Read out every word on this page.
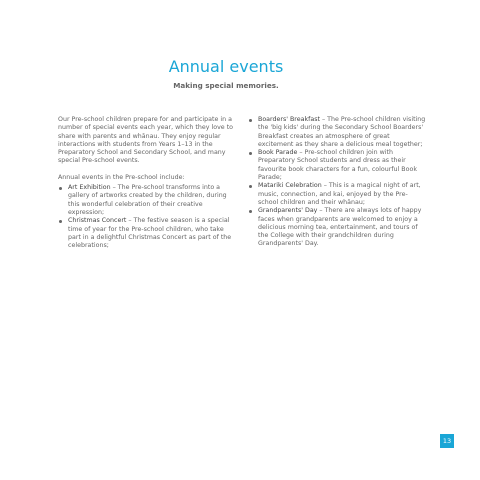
Annual events
Making special memories.

Our Pre-school children prepare for and participate in a number of special events each year, which they love to share with parents and whānau. They enjoy regular interactions with students from Years 1–13 in the Preparatory School and Secondary School, and many special Pre-school events.

Annual events in the Pre-school include:

Art Exhibition – The Pre-school transforms into a gallery of artworks created by the children, during this wonderful celebration of their creative expression;
Christmas Concert – The festive season is a special time of year for the Pre-school children, who take part in a delightful Christmas Concert as part of the celebrations;
Boarders' Breakfast – The Pre-school children visiting the 'big kids' during the Secondary School Boarders' Breakfast creates an atmosphere of great excitement as they share a delicious meal together;
Book Parade – Pre-school children join with Preparatory School students and dress as their favourite book characters for a fun, colourful Book Parade;
Matariki Celebration – This is a magical night of art, music, connection, and kai, enjoyed by the Pre-school children and their whānau;
Grandparents' Day – There are always lots of happy faces when grandparents are welcomed to enjoy a delicious morning tea, entertainment, and tours of the College with their grandchildren during Grandparents' Day.
13
